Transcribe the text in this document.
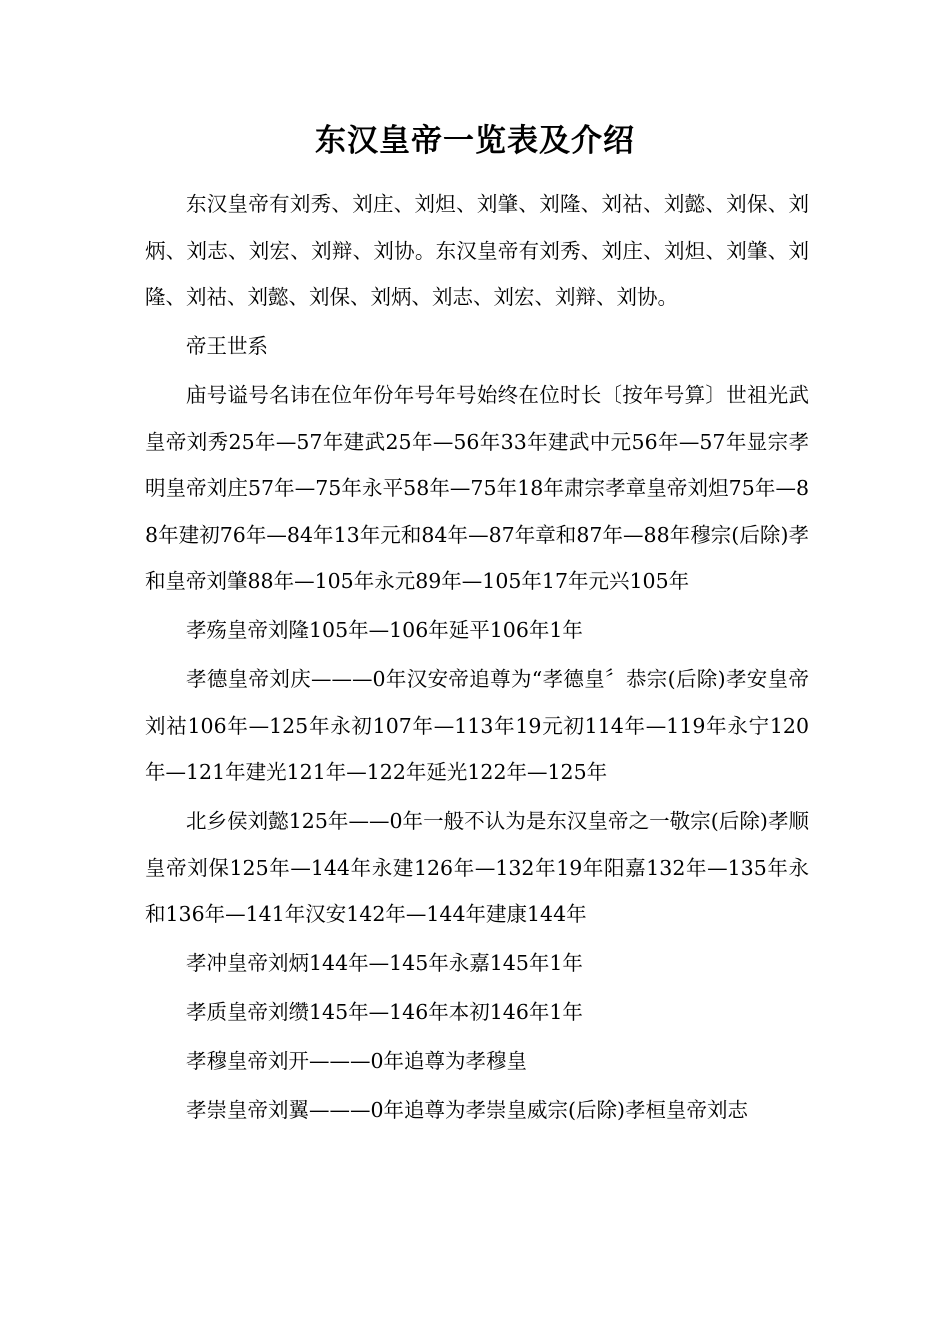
东汉皇帝一览表及介绍

东汉皇帝有刘秀、刘庄、刘炟、刘肇、刘隆、刘祜、刘懿、刘保、刘炳、刘志、刘宏、刘辩、刘协。东汉皇帝有刘秀、刘庄、刘炟、刘肇、刘隆、刘祜、刘懿、刘保、刘炳、刘志、刘宏、刘辩、刘协。

帝王世系

庙号谥号名讳在位年份年号年号始终在位时长〔按年号算〕世祖光武皇帝刘秀25年—57年建武25年—56年33年建武中元56年—57年显宗孝明皇帝刘庄57年—75年永平58年—75年18年肃宗孝章皇帝刘炟75年—88年建初76年—84年13年元和84年—87年章和87年—88年穆宗(后除)孝和皇帝刘肇88年—105年永元89年—105年17年元兴105年

孝殇皇帝刘隆105年—106年延平106年1年

孝德皇帝刘庆———0年汉安帝追尊为“孝德皇〞恭宗(后除)孝安皇帝刘祜106年—125年永初107年—113年19元初114年—119年永宁120年—121年建光121年—122年延光122年—125年

北乡侯刘懿125年——0年一般不认为是东汉皇帝之一敬宗(后除)孝顺皇帝刘保125年—144年永建126年—132年19年阳嘉132年—135年永和136年—141年汉安142年—144年建康144年

孝冲皇帝刘炳144年—145年永嘉145年1年

孝质皇帝刘缵145年—146年本初146年1年

孝穆皇帝刘开———0年追尊为孝穆皇

孝崇皇帝刘翼———0年追尊为孝崇皇威宗(后除)孝桓皇帝刘志
